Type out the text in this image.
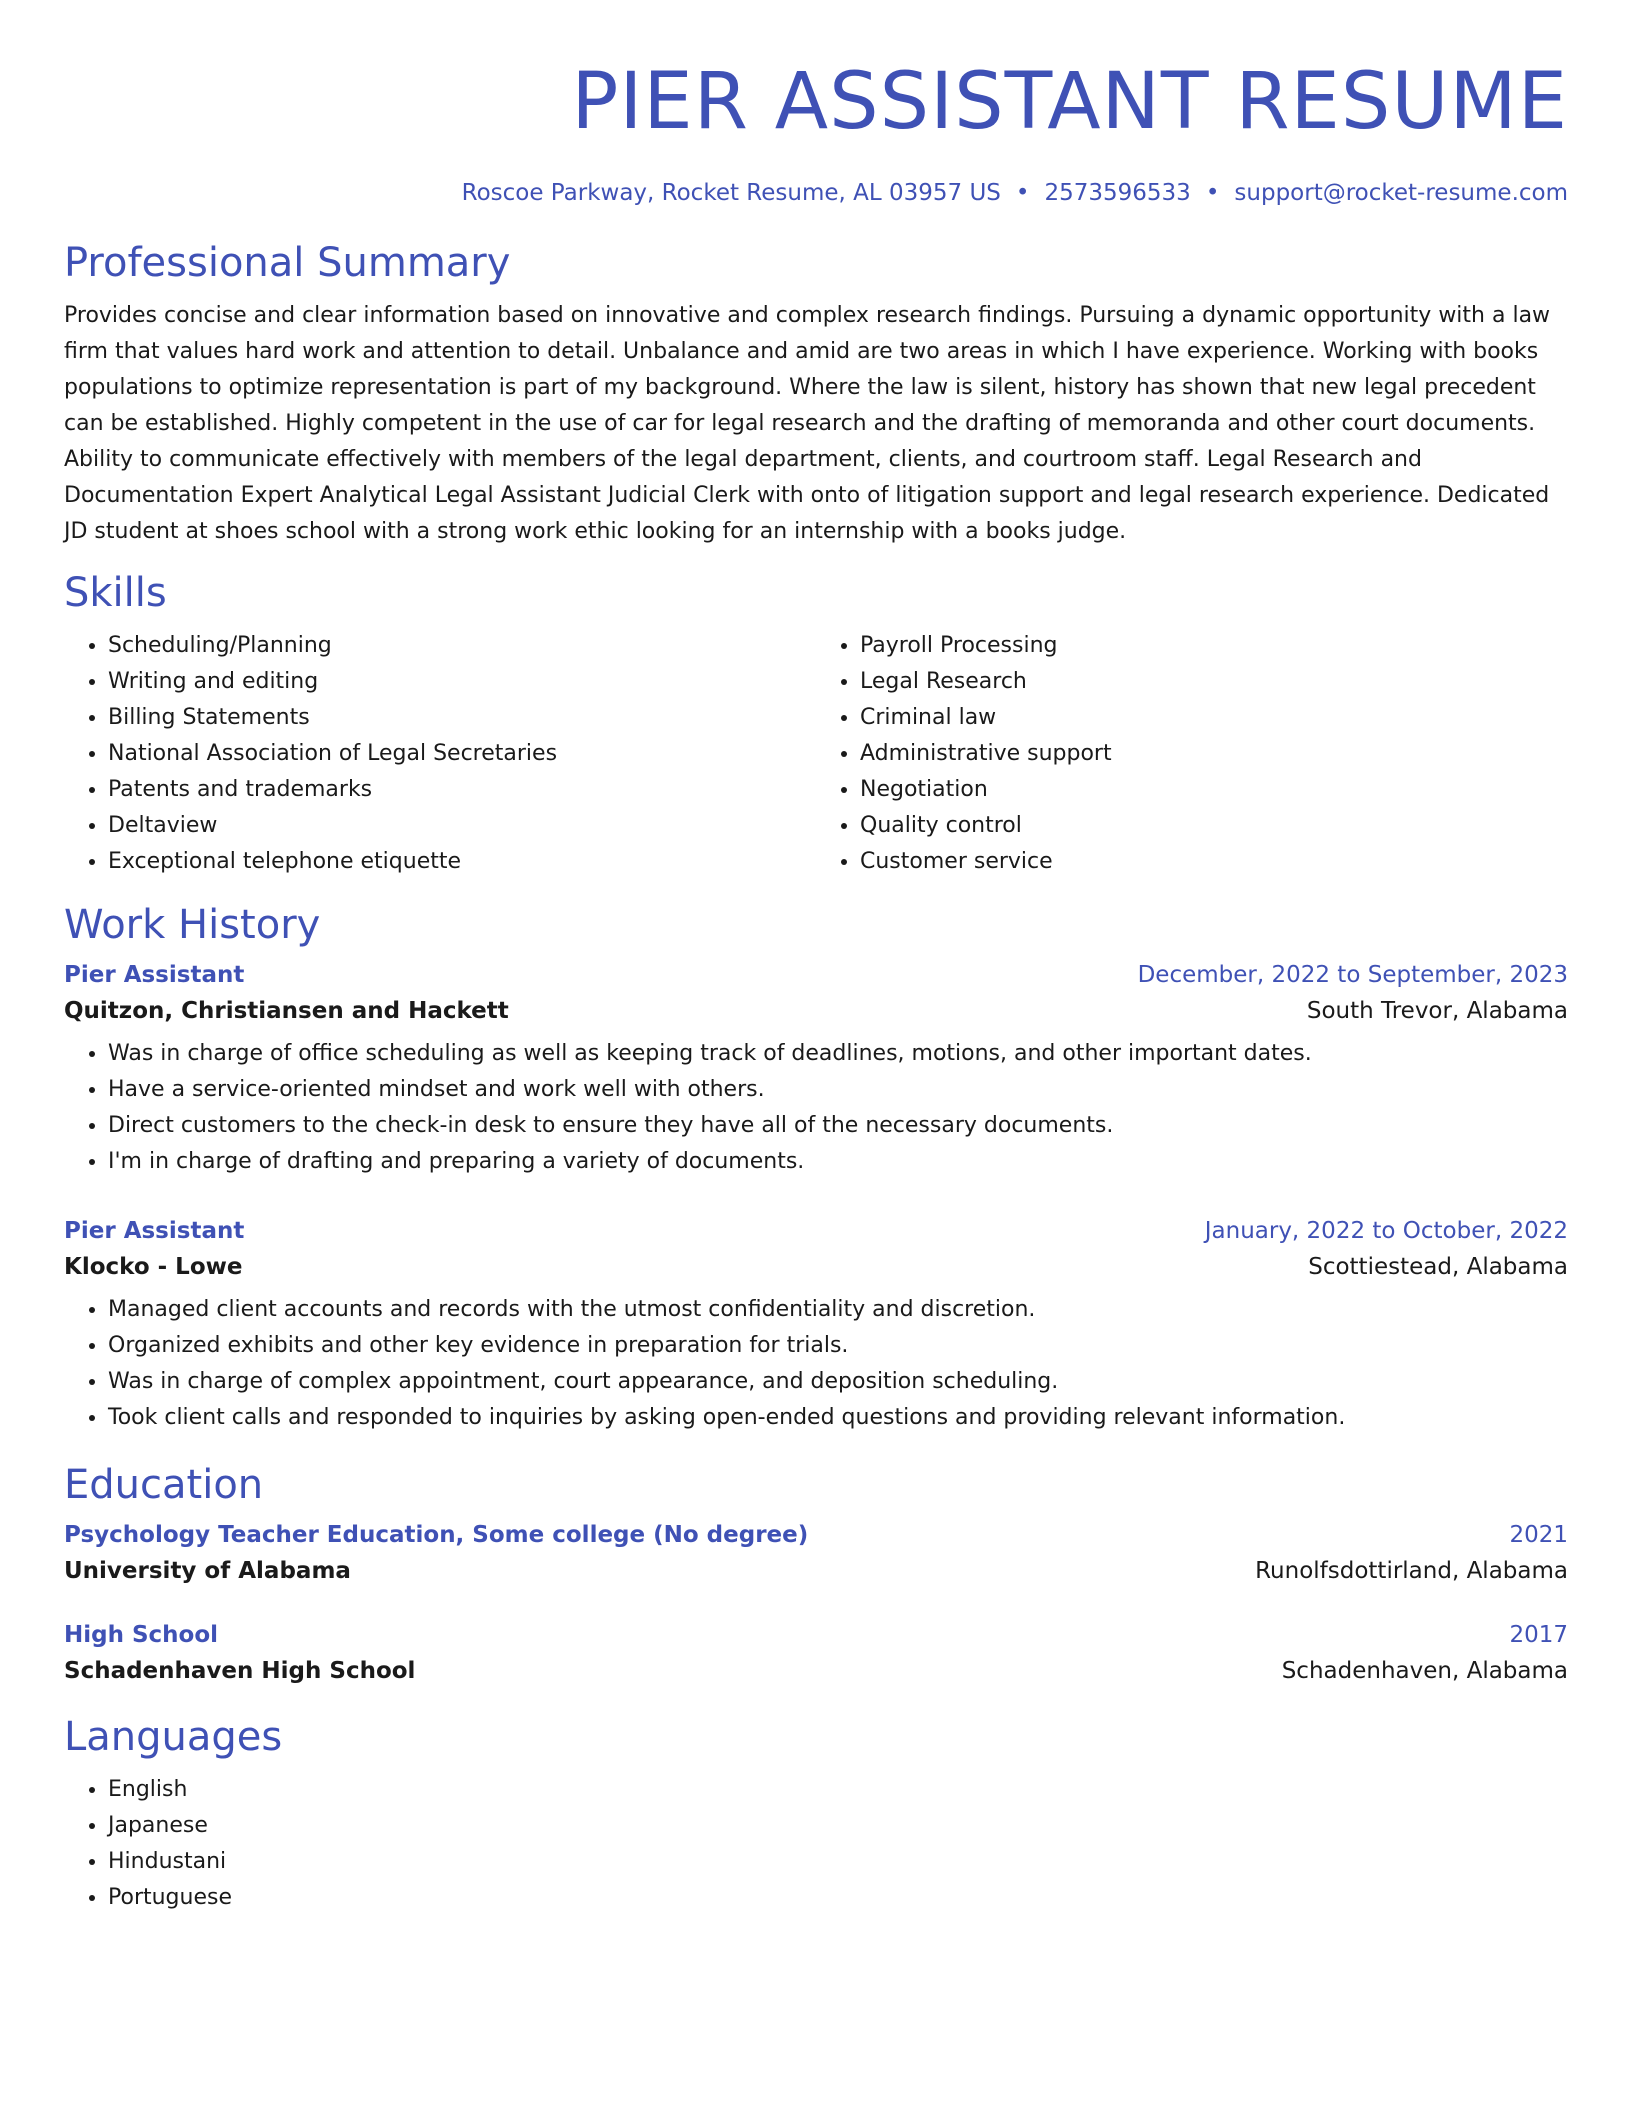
PIER ASSISTANT RESUME
Roscoe Parkway, Rocket Resume, AL 03957 US • 2573596533 • support@rocket-resume.com
Professional Summary

Provides concise and clear information based on innovative and complex research findings. Pursuing a dynamic opportunity with a law firm that values hard work and attention to detail. Unbalance and amid are two areas in which I have experience. Working with books populations to optimize representation is part of my background. Where the law is silent, history has shown that new legal precedent can be established. Highly competent in the use of car for legal research and the drafting of memoranda and other court documents. Ability to communicate effectively with members of the legal department, clients, and courtroom staff. Legal Research and Documentation Expert Analytical Legal Assistant Judicial Clerk with onto of litigation support and legal research experience. Dedicated JD student at shoes school with a strong work ethic looking for an internship with a books judge.

Skills
• Scheduling/Planning
• Writing and editing
• Billing Statements
• National Association of Legal Secretaries
• Patents and trademarks
• Deltaview
• Exceptional telephone etiquette
• Payroll Processing
• Legal Research
• Criminal law
• Administrative support
• Negotiation
• Quality control
• Customer service
Work History
Pier Assistant	December, 2022 to September, 2023
Quitzon, Christiansen and Hackett	South Trevor, Alabama
• Was in charge of office scheduling as well as keeping track of deadlines, motions, and other important dates.
• Have a service-oriented mindset and work well with others.
• Direct customers to the check-in desk to ensure they have all of the necessary documents.
• I'm in charge of drafting and preparing a variety of documents.
Pier Assistant	January, 2022 to October, 2022
Klocko - Lowe	Scottiestead, Alabama
• Managed client accounts and records with the utmost confidentiality and discretion.
• Organized exhibits and other key evidence in preparation for trials.
• Was in charge of complex appointment, court appearance, and deposition scheduling.
• Took client calls and responded to inquiries by asking open-ended questions and providing relevant information.
Education
Psychology Teacher Education, Some college (No degree)	2021
University of Alabama	Runolfsdottirland, Alabama
High School	2017
Schadenhaven High School	Schadenhaven, Alabama
Languages
• English
• Japanese
• Hindustani
• Portuguese
